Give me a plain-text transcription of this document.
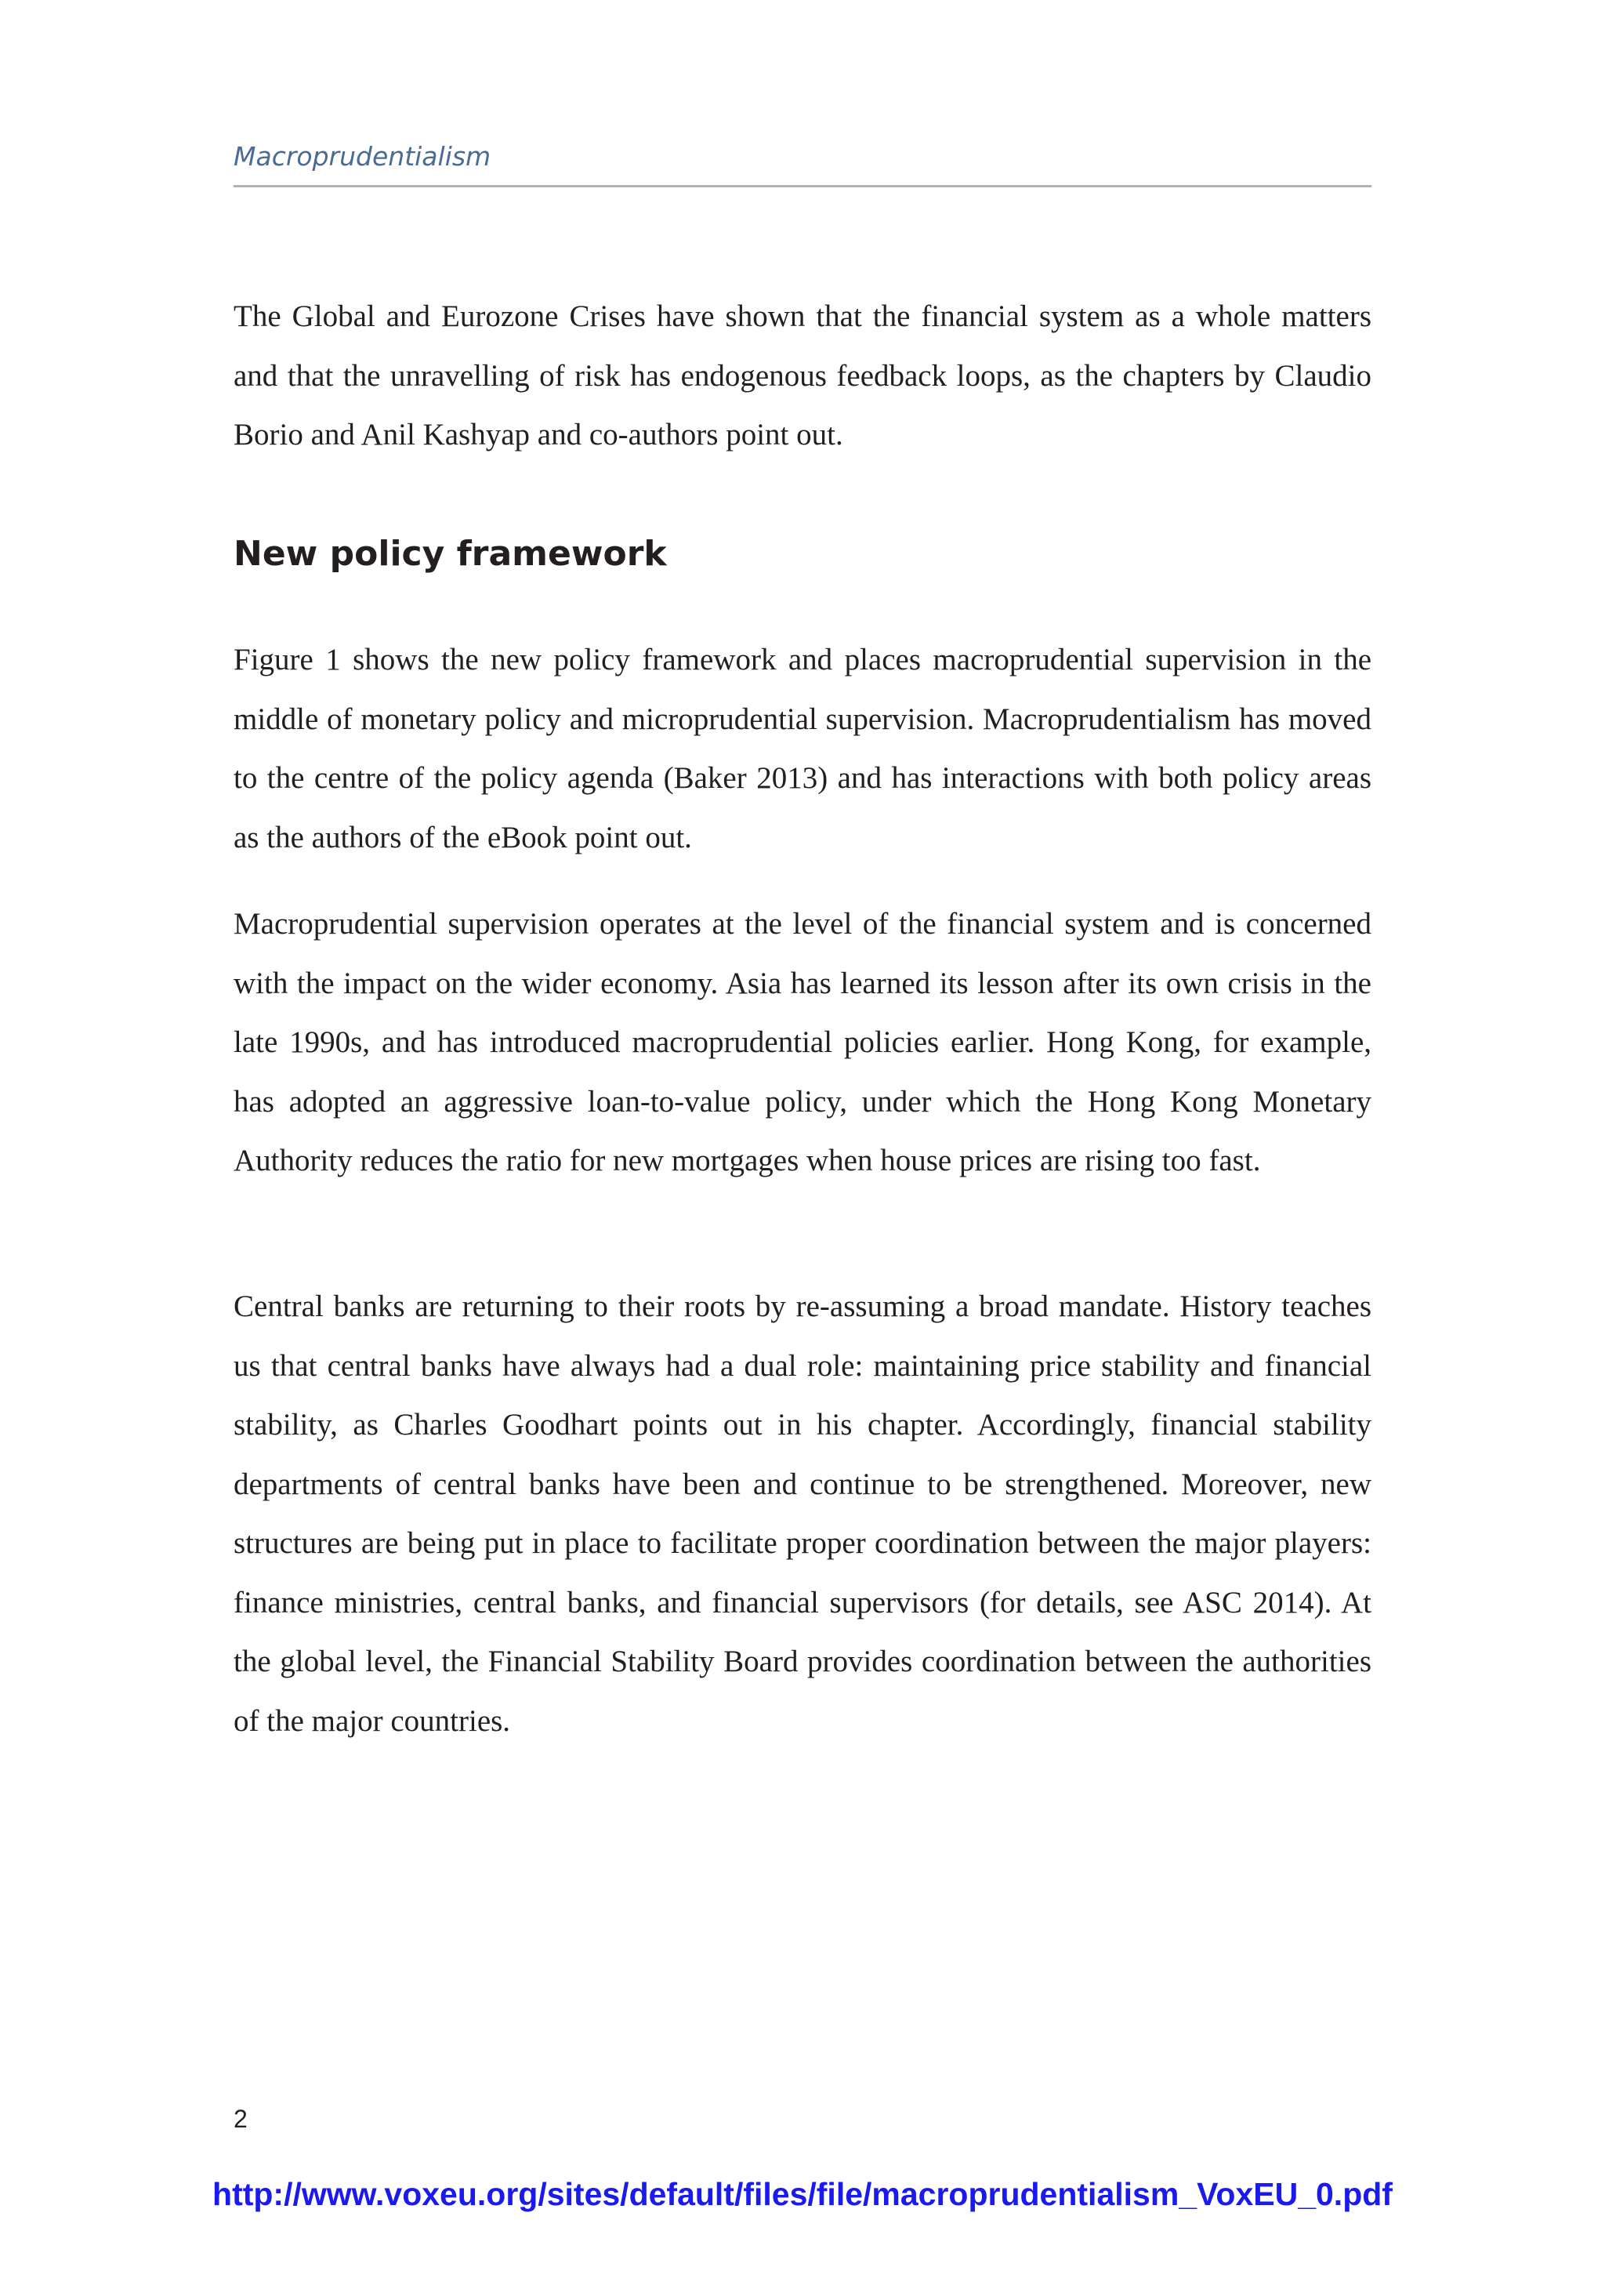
Macroprudentialism

The Global and Eurozone Crises have shown that the financial system as a whole matters and that the unravelling of risk has endogenous feedback loops, as the chapters by Claudio Borio and Anil Kashyap and co-authors point out.

New policy framework

Figure 1 shows the new policy framework and places macroprudential supervision in the middle of monetary policy and microprudential supervision. Macroprudentialism has moved to the centre of the policy agenda (Baker 2013) and has interactions with both policy areas as the authors of the eBook point out.

Macroprudential supervision operates at the level of the financial system and is concerned with the impact on the wider economy. Asia has learned its lesson after its own crisis in the late 1990s, and has introduced macroprudential policies earlier. Hong Kong, for example, has adopted an aggressive loan-to-value policy, under which the Hong Kong Monetary Authority reduces the ratio for new mortgages when house prices are rising too fast.

Central banks are returning to their roots by re-assuming a broad mandate. History teaches us that central banks have always had a dual role: maintaining price stability and financial stability, as Charles Goodhart points out in his chapter. Accordingly, financial stability departments of central banks have been and continue to be strengthened. Moreover, new structures are being put in place to facilitate proper coordination between the major players: finance ministries, central banks, and financial supervisors (for details, see ASC 2014). At the global level, the Financial Stability Board provides coordination between the authorities of the major countries.

2
http://www.voxeu.org/sites/default/files/file/macroprudentialism_VoxEU_0.pdf
